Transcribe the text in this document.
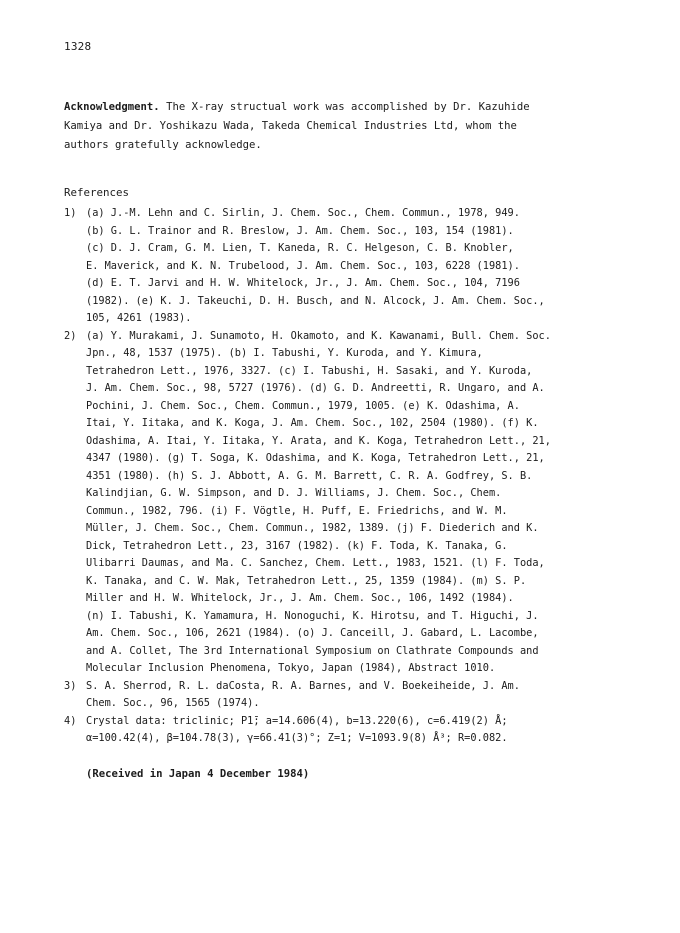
1328
Acknowledgment. The X-ray structual work was accomplished by Dr. Kazuhide
Kamiya and Dr. Yoshikazu Wada, Takeda Chemical Industries Ltd, whom the
authors gratefully acknowledge.
References
1) (a) J.-M. Lehn and C. Sirlin, J. Chem. Soc., Chem. Commun., 1978, 949.
(b) G. L. Trainor and R. Breslow, J. Am. Chem. Soc., 103, 154 (1981).
(c) D. J. Cram, G. M. Lien, T. Kaneda, R. C. Helgeson, C. B. Knobler,
E. Maverick, and K. N. Trubelood, J. Am. Chem. Soc., 103, 6228 (1981).
(d) E. T. Jarvi and H. W. Whitelock, Jr., J. Am. Chem. Soc., 104, 7196
(1982). (e) K. J. Takeuchi, D. H. Busch, and N. Alcock, J. Am. Chem. Soc.,
105, 4261 (1983).
2) (a) Y. Murakami, J. Sunamoto, H. Okamoto, and K. Kawanami, Bull. Chem. Soc.
Jpn., 48, 1537 (1975). (b) I. Tabushi, Y. Kuroda, and Y. Kimura,
Tetrahedron Lett., 1976, 3327. (c) I. Tabushi, H. Sasaki, and Y. Kuroda,
J. Am. Chem. Soc., 98, 5727 (1976). (d) G. D. Andreetti, R. Ungaro, and A.
Pochini, J. Chem. Soc., Chem. Commun., 1979, 1005. (e) K. Odashima, A.
Itai, Y. Iitaka, and K. Koga, J. Am. Chem. Soc., 102, 2504 (1980). (f) K.
Odashima, A. Itai, Y. Iitaka, Y. Arata, and K. Koga, Tetrahedron Lett., 21,
4347 (1980). (g) T. Soga, K. Odashima, and K. Koga, Tetrahedron Lett., 21,
4351 (1980). (h) S. J. Abbott, A. G. M. Barrett, C. R. A. Godfrey, S. B.
Kalindjian, G. W. Simpson, and D. J. Williams, J. Chem. Soc., Chem.
Commun., 1982, 796. (i) F. Vögtle, H. Puff, E. Friedrichs, and W. M.
Müller, J. Chem. Soc., Chem. Commun., 1982, 1389. (j) F. Diederich and K.
Dick, Tetrahedron Lett., 23, 3167 (1982). (k) F. Toda, K. Tanaka, G.
Ulibarri Daumas, and Ma. C. Sanchez, Chem. Lett., 1983, 1521. (l) F. Toda,
K. Tanaka, and C. W. Mak, Tetrahedron Lett., 25, 1359 (1984). (m) S. P.
Miller and H. W. Whitelock, Jr., J. Am. Chem. Soc., 106, 1492 (1984).
(n) I. Tabushi, K. Yamamura, H. Nonoguchi, K. Hirotsu, and T. Higuchi, J.
Am. Chem. Soc., 106, 2621 (1984). (o) J. Canceill, J. Gabard, L. Lacombe,
and A. Collet, The 3rd International Symposium on Clathrate Compounds and
Molecular Inclusion Phenomena, Tokyo, Japan (1984), Abstract 1010.
3) S. A. Sherrod, R. L. daCosta, R. A. Barnes, and V. Boekeiheide, J. Am.
Chem. Soc., 96, 1565 (1974).
4) Crystal data: triclinic; P1̄; a=14.606(4), b=13.220(6), c=6.419(2) Å;
α=100.42(4), β=104.78(3), γ=66.41(3)°; Z=1; V=1093.9(8) Å³; R=0.082.
(Received in Japan 4 December 1984)
